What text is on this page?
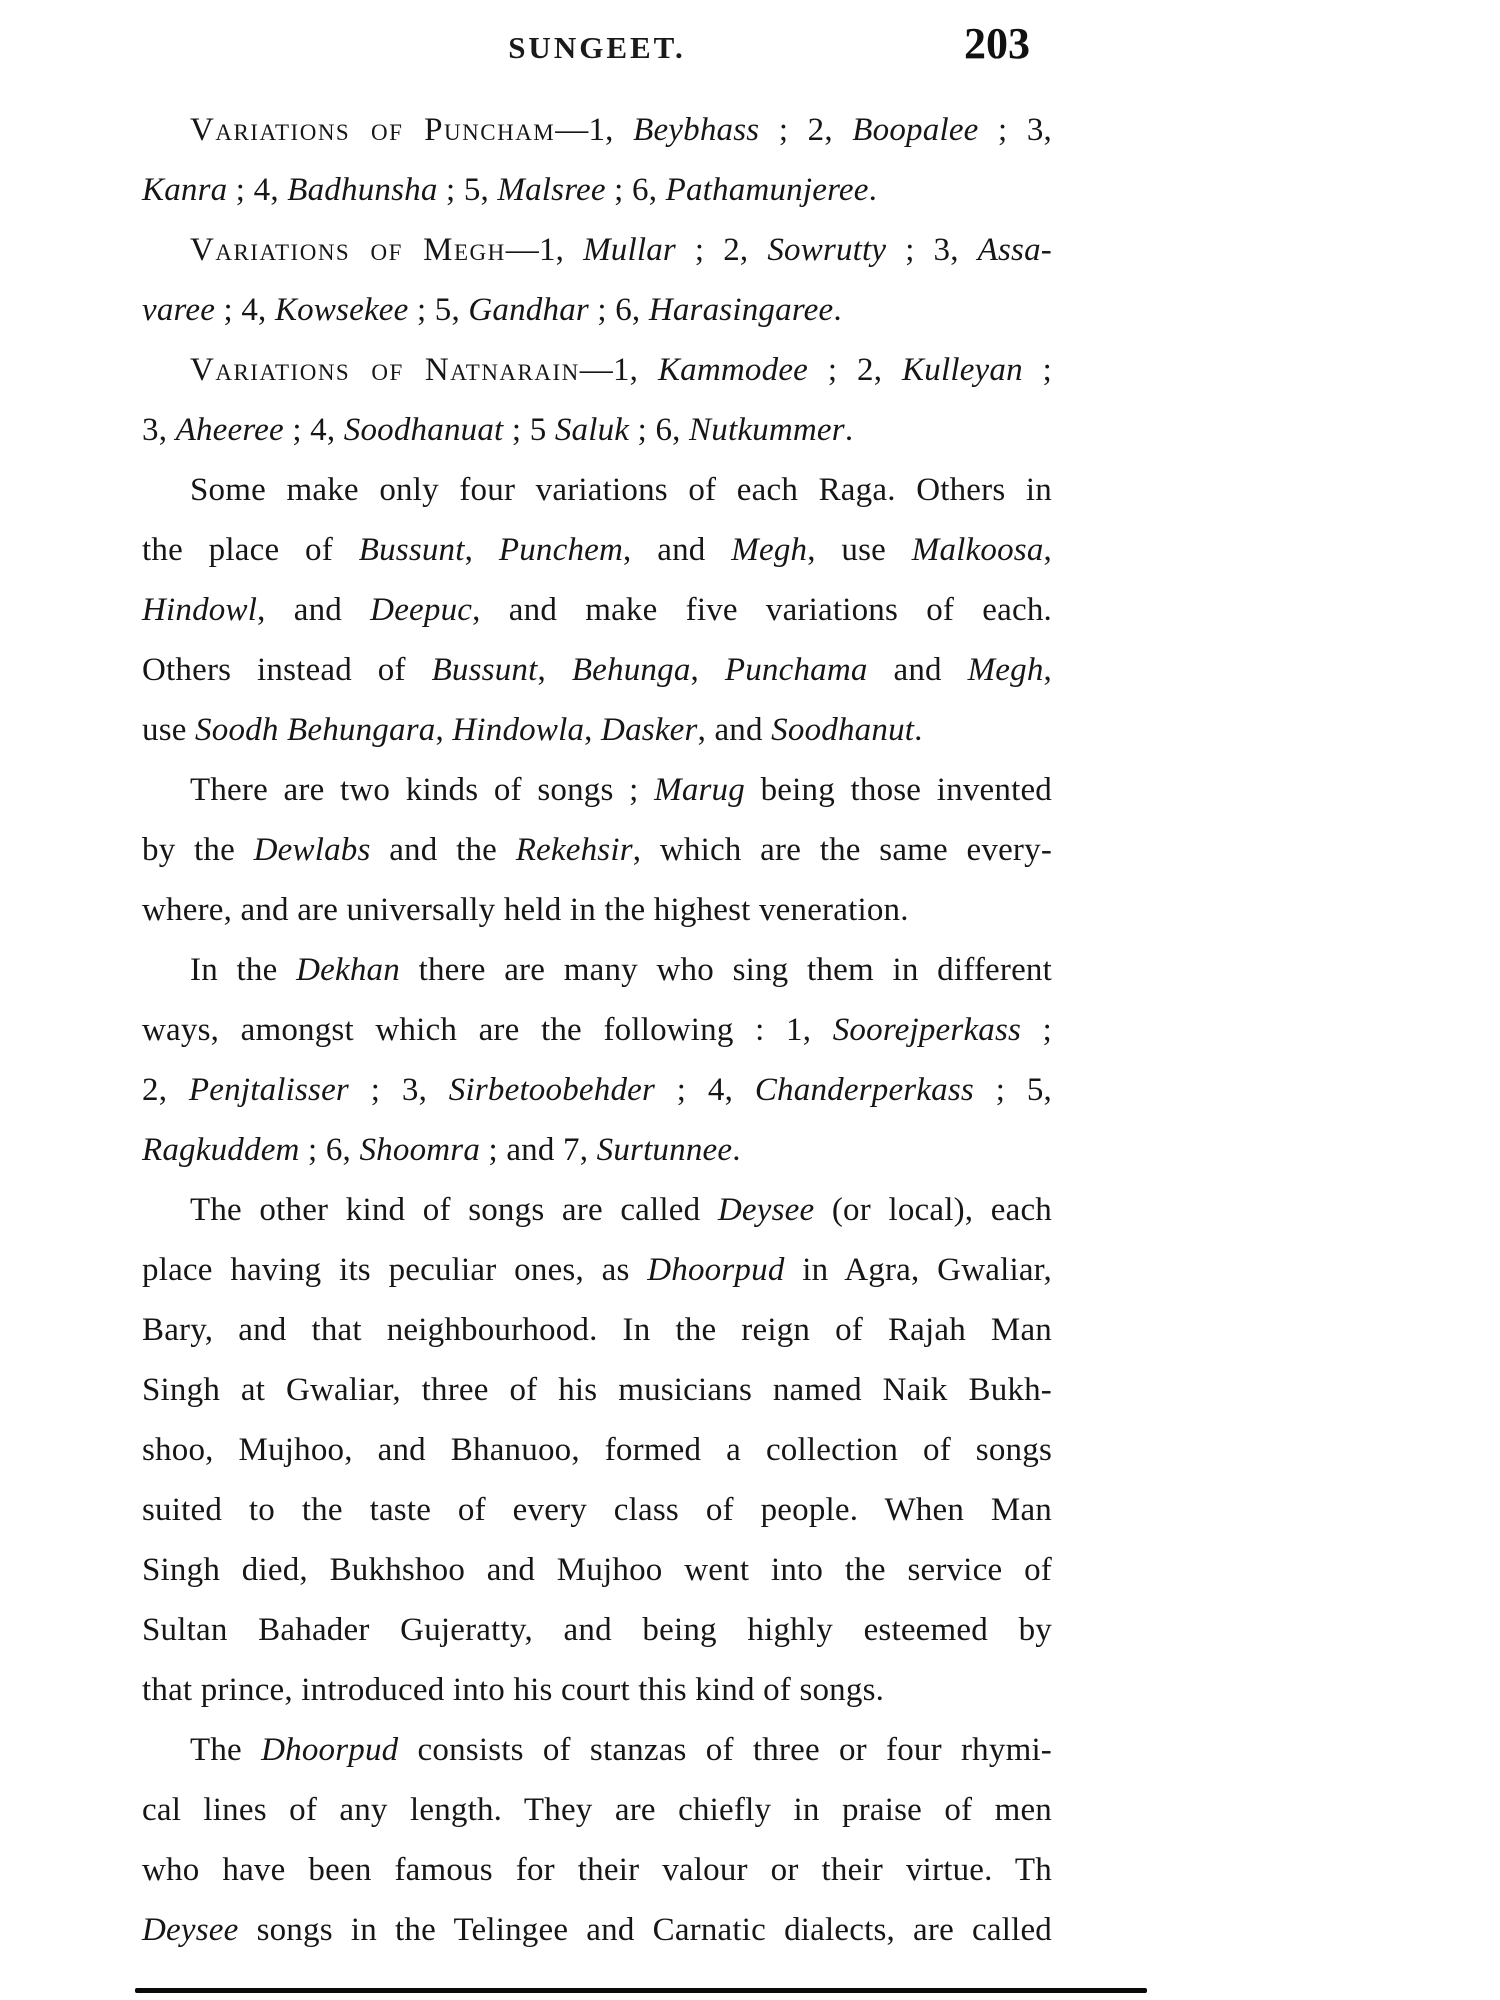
SUNGEET.	203
Variations of Puncham—1, Beybhass ; 2, Boopalee ; 3,
Kanra ; 4, Badhunsha ; 5, Malsree ; 6, Pathamunjeree.
Variations of Megh—1, Mullar ; 2, Sowrutty ; 3, Assa-
varee ; 4, Kowsekee ; 5, Gandhar ; 6, Harasingaree.
Variations of Natnarain—1, Kammodee ; 2, Kulleyan ;
3, Aheeree ; 4, Soodhanuat ; 5 Saluk ; 6, Nutkummer.
Some make only four variations of each Raga. Others in
the place of Bussunt, Punchem, and Megh, use Malkoosa,
Hindowl, and Deepuc, and make five variations of each.
Others instead of Bussunt, Behunga, Punchama and Megh,
use Soodh Behungara, Hindowla, Dasker, and Soodhanut.
There are two kinds of songs ; Marug being those invented
by the Dewlabs and the Rekehsir, which are the same every-
where, and are universally held in the highest veneration.
In the Dekhan there are many who sing them in different
ways, amongst which are the following : 1, Soorejperkass ;
2, Penjtalisser ; 3, Sirbetoobehder ; 4, Chanderperkass ; 5,
Ragkuddem ; 6, Shoomra ; and 7, Surtunnee.
The other kind of songs are called Deysee (or local), each
place having its peculiar ones, as Dhoorpud in Agra, Gwaliar,
Bary, and that neighbourhood. In the reign of Rajah Man
Singh at Gwaliar, three of his musicians named Naik Bukh-
shoo, Mujhoo, and Bhanuoo, formed a collection of songs
suited to the taste of every class of people. When Man
Singh died, Bukhshoo and Mujhoo went into the service of
Sultan Bahader Gujeratty, and being highly esteemed by
that prince, introduced into his court this kind of songs.
The Dhoorpud consists of stanzas of three or four rhymi-
cal lines of any length. They are chiefly in praise of men
who have been famous for their valour or their virtue. Th
Deysee songs in the Telingee and Carnatic dialects, are called
